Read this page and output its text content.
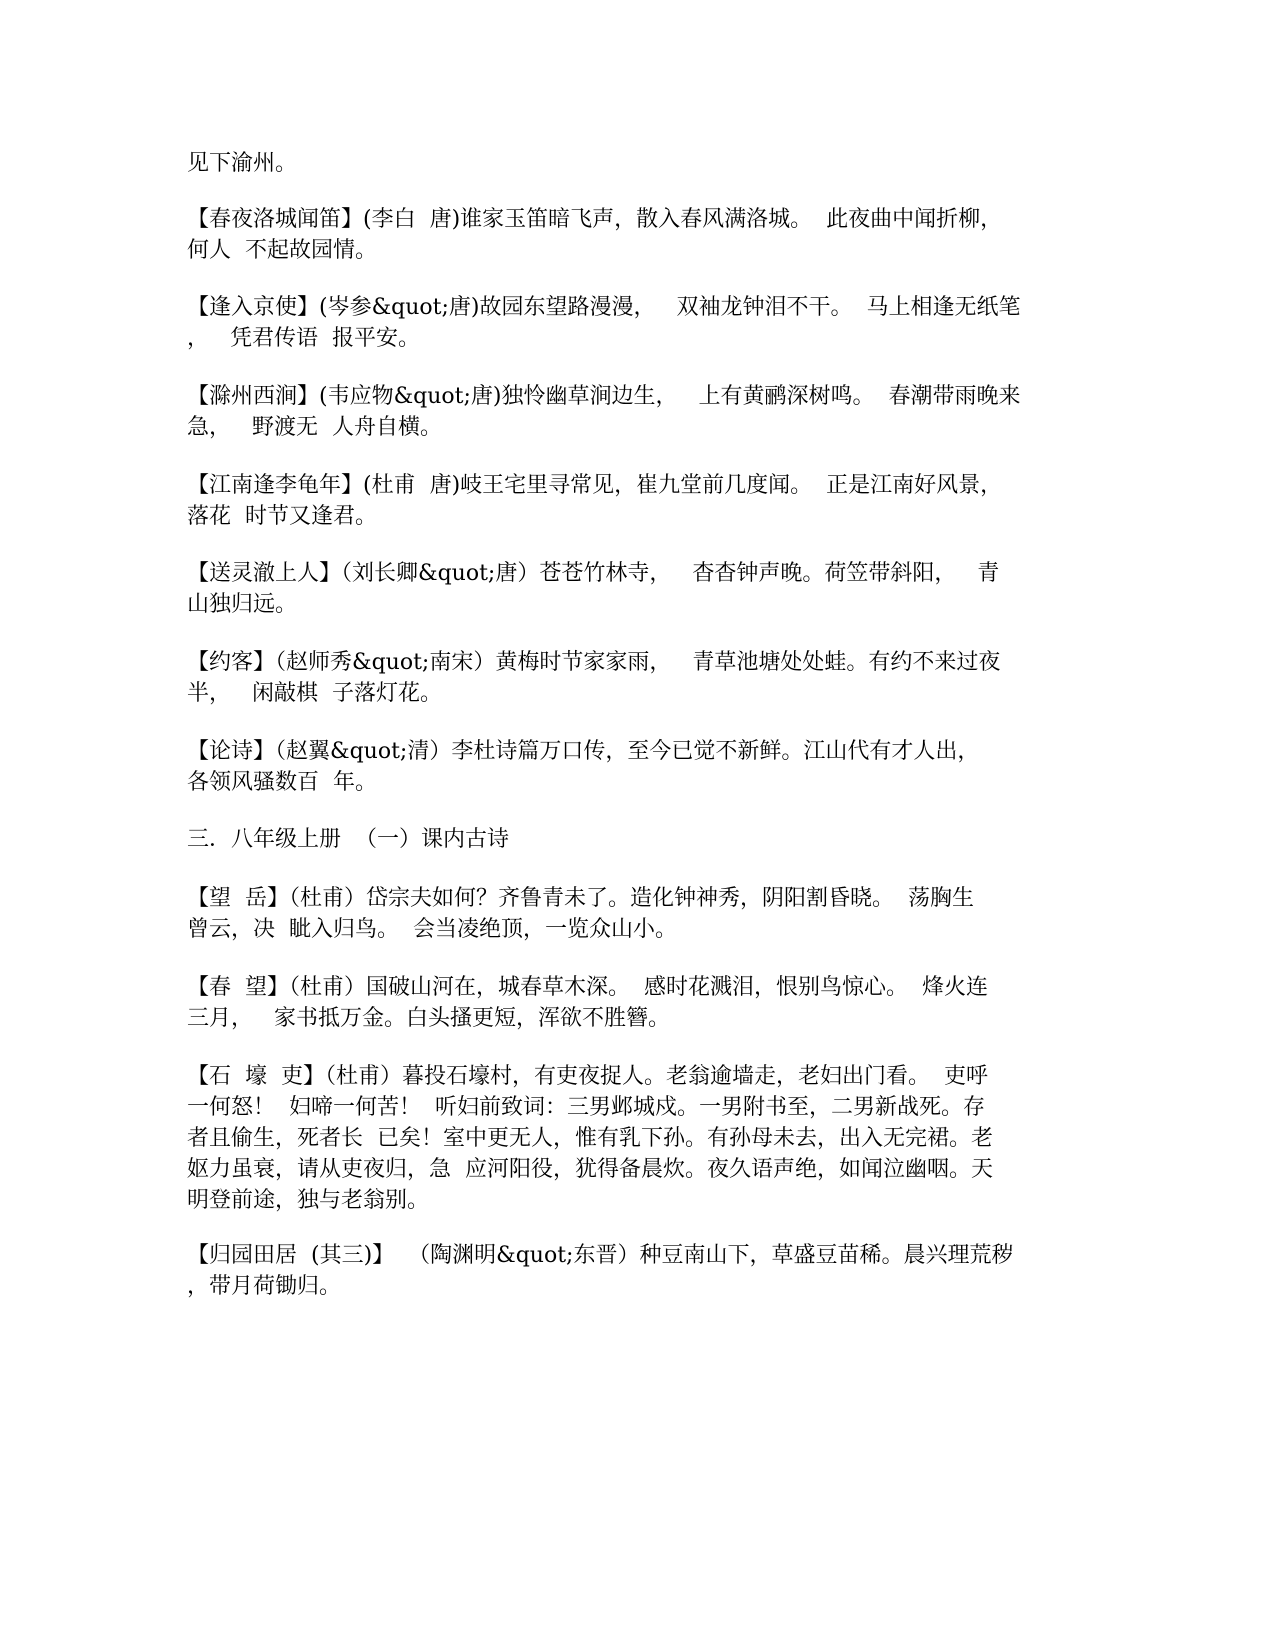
见下渝州。

【春夜洛城闻笛】(李白  唐)谁家玉笛暗飞声，散入春风满洛城。  此夜曲中闻折柳，
何人  不起故园情。

【逢入京使】(岑参&quot;唐)故园东望路漫漫，   双袖龙钟泪不干。  马上相逢无纸笔
，   凭君传语  报平安。

【滁州西涧】(韦应物&quot;唐)独怜幽草涧边生，   上有黄鹂深树鸣。  春潮带雨晚来
急，   野渡无  人舟自横。

【江南逢李龟年】(杜甫  唐)岐王宅里寻常见，崔九堂前几度闻。  正是江南好风景，
落花  时节又逢君。

【送灵澈上人】（刘长卿&quot;唐）苍苍竹林寺，   杳杳钟声晚。荷笠带斜阳，   青
山独归远。

【约客】（赵师秀&quot;南宋）黄梅时节家家雨，   青草池塘处处蛙。有约不来过夜
半，   闲敲棋  子落灯花。

【论诗】（赵翼&quot;清）李杜诗篇万口传，至今已觉不新鲜。江山代有才人出，
各领风骚数百  年。

三．八年级上册  （一）课内古诗

【望  岳】（杜甫）岱宗夫如何？齐鲁青未了。造化钟神秀，阴阳割昏晓。  荡胸生
曾云，决  眦入归鸟。  会当凌绝顶，一览众山小。

【春  望】（杜甫）国破山河在，城春草木深。  感时花溅泪，恨别鸟惊心。  烽火连
三月，   家书抵万金。白头搔更短，浑欲不胜簪。

【石  壕  吏】（杜甫）暮投石壕村，有吏夜捉人。老翁逾墙走，老妇出门看。  吏呼
一何怒！  妇啼一何苦！  听妇前致词：三男邺城戍。一男附书至，二男新战死。存
者且偷生，死者长  已矣！室中更无人，惟有乳下孙。有孙母未去，出入无完裙。老
妪力虽衰，请从吏夜归，急  应河阳役，犹得备晨炊。夜久语声绝，如闻泣幽咽。天
明登前途，独与老翁别。

【归园田居  (其三)】  （陶渊明&quot;东晋）种豆南山下，草盛豆苗稀。晨兴理荒秽
，带月荷锄归。
